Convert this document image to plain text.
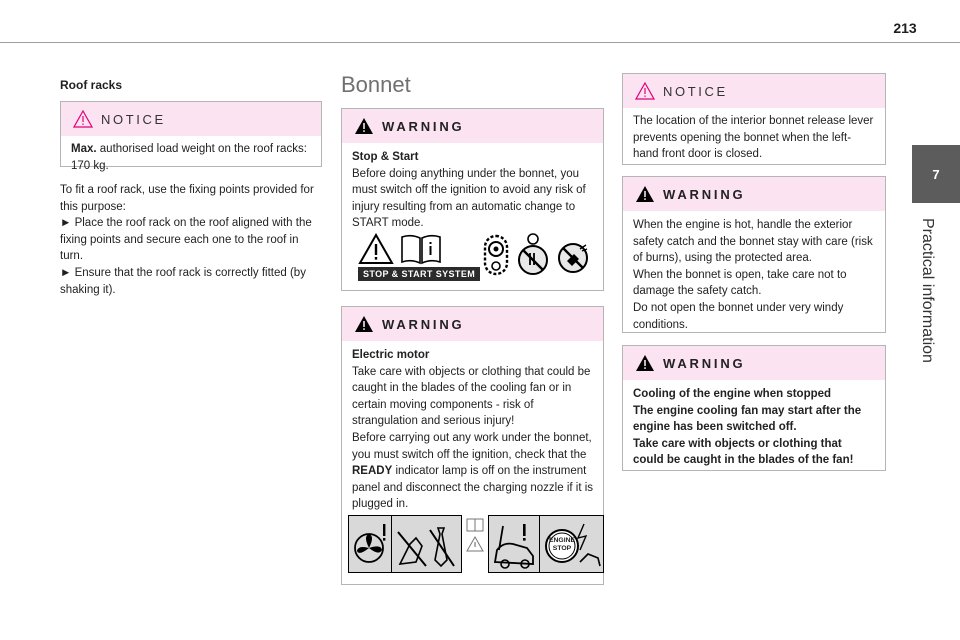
213
7
Practical information
Roof racks
NOTICE
Max. authorised load weight on the roof racks: 170 kg.
To fit a roof rack, use the fixing points provided for this purpose:
► Place the roof rack on the roof aligned with the fixing points and secure each one to the roof in turn.
► Ensure that the roof rack is correctly fitted (by shaking it).
Bonnet
WARNING
Stop & Start
Before doing anything under the bonnet, you must switch off the ignition to avoid any risk of injury resulting from an automatic change to START mode.
STOP & START SYSTEM
WARNING
Electric motor
Take care with objects or clothing that could be caught in the blades of the cooling fan or in certain moving components - risk of strangulation and serious injury!
Before carrying out any work under the bonnet, you must switch off the ignition, check that the READY indicator lamp is off on the instrument panel and disconnect the charging nozzle if it is plugged in.
ENGINE STOP
NOTICE
The location of the interior bonnet release lever prevents opening the bonnet when the left-hand front door is closed.
WARNING
When the engine is hot, handle the exterior safety catch and the bonnet stay with care (risk of burns), using the protected area.
When the bonnet is open, take care not to damage the safety catch.
Do not open the bonnet under very windy conditions.
WARNING
Cooling of the engine when stopped
The engine cooling fan may start after the engine has been switched off.
Take care with objects or clothing that could be caught in the blades of the fan!
